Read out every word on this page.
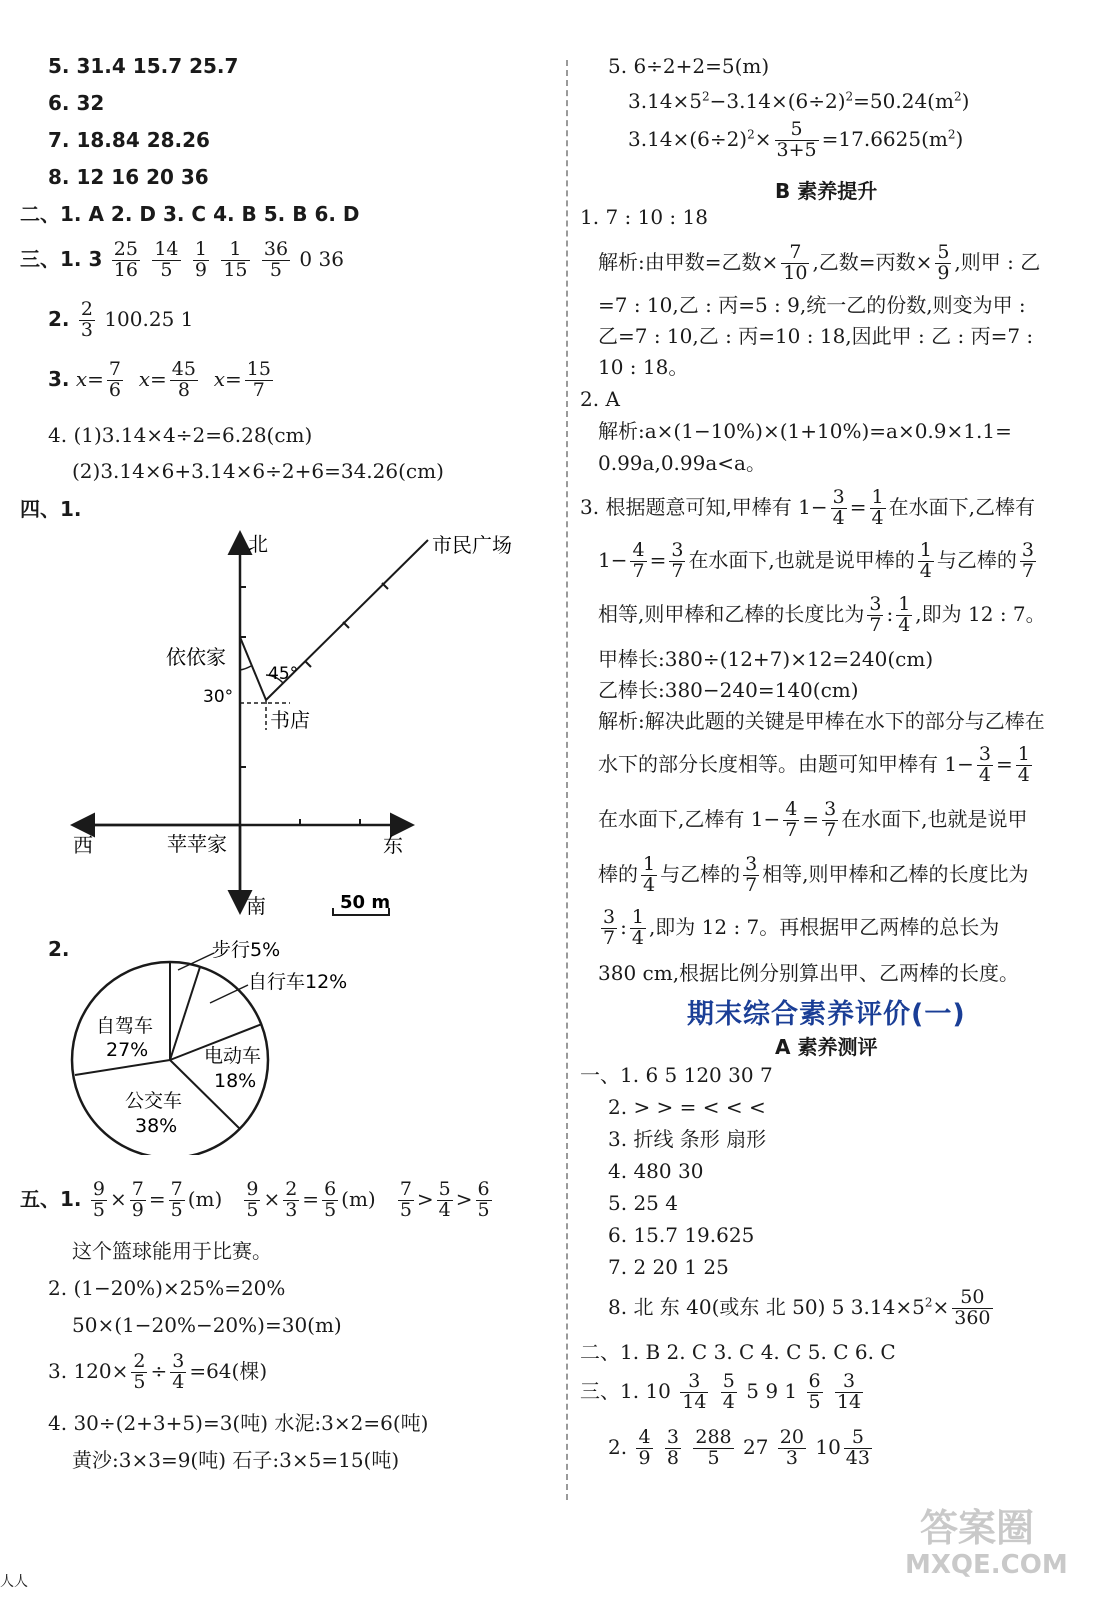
5. 31.4 15.7 25.7
6. 32
7. 18.84 28.26
8. 12 16 20 36
二、1. A 2. D 3. C 4. B 5. B 6. D
三、1. $3 \frac{25}{16}$
$\frac{14}{5}$
$\frac{1}{9}$
$\frac{1}{15}$
$\frac{36}{5} 0$ 36
2. $\frac{2}{3} 100.25$ 1
3. $x= \frac{7}{6} x= \frac{45}{8} x= \frac{15}{7}$
4. (1)3.14×4÷2=6.28(cm)
(2)3.14×6+3.14×6÷2+6=34.26(cm)
四、1.
北
南
西	东
市民广场
依依家
书店
苹苹家
45°
30°
50 m
2.	步行5%
自行车12%
自驾车
27%	电动车
18%
公交车
38%
五、1. $\frac{9}{5} \times \frac{7}{9} = \frac{7}{5} (m) \frac{9}{5} \times \frac{2}{3} = \frac{6}{5} (m) \frac{7}{5} > \frac{5}{4} > \frac{6}{5}$
这个篮球能用于比赛。
2. (1−20%)×25%=20%
50×(1−20%−20%)=30(m)
3. $120\times \frac{2}{5} \div \frac{3}{4} =64$(棵)
4. 30÷(2+3+5)=3(吨) 水泥:3×2=6(吨)
黄沙:3×3=9(吨) 石子:3×5=15(吨)
人人
5. 6÷2+2=5(m)
$3.14\times 5^2-3.14\times(6\div 2)^2=50.24(m^2)$
$3.14\times(6\div 2)^2\times \frac{5}{3+5} =17.6625(m^2)$
B 素养提升
1. 7 : 10 : 18
解析:由甲数=乙数× $\frac{7}{10}$ ,乙数=丙数× $\frac{5}{9}$ ,则甲 : 乙
=7 : 10,乙 : 丙=5 : 9,统一乙的份数,则变为甲 :
乙=7 : 10,乙 : 丙=10 : 18,因此甲 : 乙 : 丙=7 :
10 : 18。
2. A
解析:a×(1−10%)×(1+10%)=a×0.9×1.1=
0.99a,0.99a<a。
3. 根据题意可知,甲棒有 $1- \frac{3}{4} = \frac{1}{4}$ 在水面下,乙棒有
$1- \frac{4}{7} = \frac{3}{7}$ 在水面下,也就是说甲棒的 $\frac{1}{4}$ 与乙棒的 $\frac{3}{7}$
相等,则甲棒和乙棒的长度比为 $\frac{3}{7}$ : $\frac{1}{4}$ ,即为 12 : 7。
甲棒长:380÷(12+7)×12=240(cm)
乙棒长:380−240=140(cm)
解析:解决此题的关键是甲棒在水下的部分与乙棒在
水下的部分长度相等。由题可知甲棒有 $1- \frac{3}{4} = \frac{1}{4}$
在水面下,乙棒有 $1- \frac{4}{7} = \frac{3}{7}$ 在水面下,也就是说甲
棒的 $\frac{1}{4}$ 与乙棒的 $\frac{3}{7}$ 相等,则甲棒和乙棒的长度比为
$\frac{3}{7}$ : $\frac{1}{4}$ ,即为 12 : 7。再根据甲乙两棒的总长为
380 cm,根据比例分别算出甲、乙两棒的长度。
期末综合素养评价(一)
A 素养测评
一、1. 6 5 120 30 7
2. > > = < < <
3. 折线 条形 扇形
4. 480 30
5. 25 4
6. 15.7 19.625
7. 2 20 1 25
8. 北 东 40(或东 北 50) 5 $3.14\times 5^2\times \frac{50}{360}$
二、1. B 2. C 3. C 4. C 5. C 6. C
三、1. $10 \frac{3}{14}$
$\frac{5}{4} 5$ 9 $1 \frac{6}{5}$
$\frac{3}{14}$
2. $\frac{4}{9}$
$\frac{3}{8}$
$\frac{288}{5} 27 \frac{20}{3} 10 \frac{5}{43}$
答案圈
MXQE.COM
